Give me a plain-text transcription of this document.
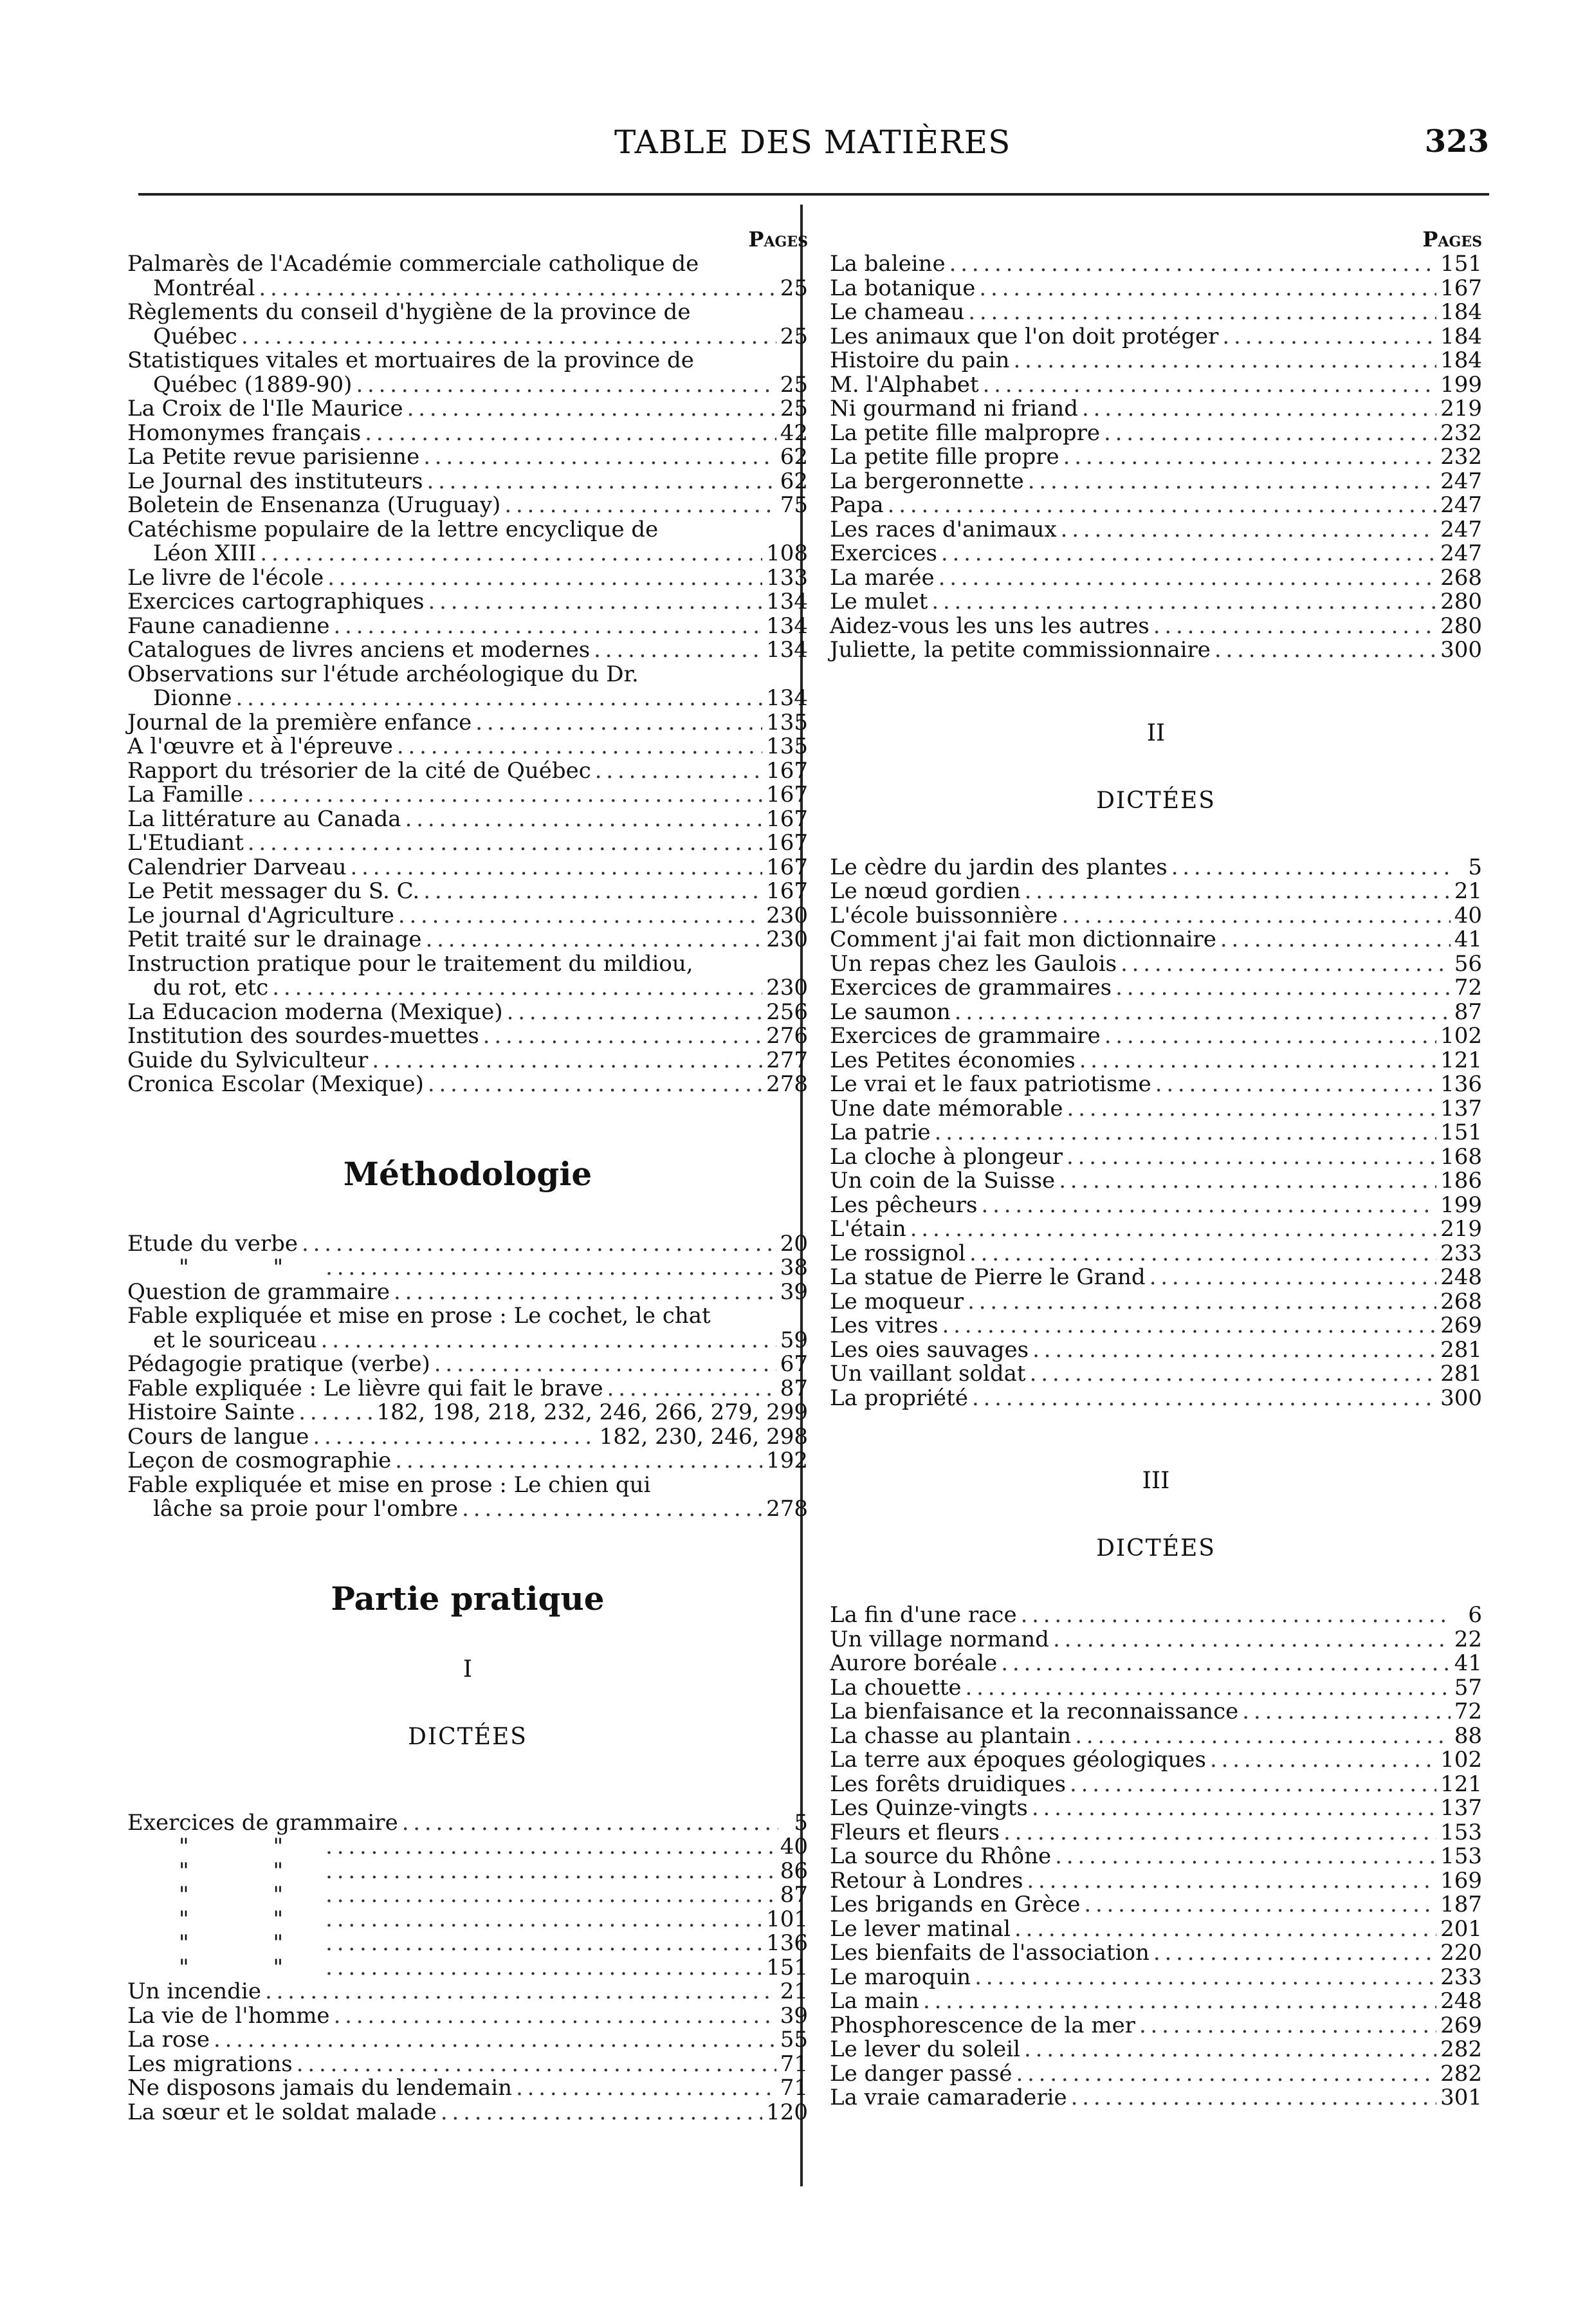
TABLE DES MATIÈRES	323
Pages
Palmarès de l'Académie commerciale catholique de
Montréal . . .	25
Règlements du conseil d'hygiène de la province de
Québec . . .	25
Statistiques vitales et mortuaires de la province de
Québec (1889-90) . . .	25
La Croix de l'Ile Maurice . . .	25
Homonymes français . . .	42
La Petite revue parisienne . . .	62
Le Journal des instituteurs . . .	62
Boletein de Ensenanza (Uruguay) . . .	75
Catéchisme populaire de la lettre encyclique de
Léon XIII . . .	108
Le livre de l'école . . .	133
Exercices cartographiques . . .	134
Faune canadienne . . .	134
Catalogues de livres anciens et modernes . . .	134
Observations sur l'étude archéologique du Dr.
Dionne . . .	134
Journal de la première enfance . . .	135
A l'œuvre et à l'épreuve . . .	135
Rapport du trésorier de la cité de Québec . . .	167
La Famille . . .	167
La littérature au Canada . . .	167
L'Etudiant . . .	167
Calendrier Darveau . . .	167
Le Petit messager du S. C. . . .	167
Le journal d'Agriculture . . .	230
Petit traité sur le drainage . . .	230
Instruction pratique pour le traitement du mildiou,
du rot, etc . . .	230
La Educacion moderna (Mexique) . . .	256
Institution des sourdes-muettes . . .	276
Guide du Sylviculteur . . .	277
Cronica Escolar (Mexique) . . .	278
Méthodologie
Etude du verbe . . .	20
" " . . .	38
Question de grammaire . . .	39
Fable expliquée et mise en prose : Le cochet, le chat
et le souriceau . . .	59
Pédagogie pratique (verbe) . . .	67
Fable expliquée : Le lièvre qui fait le brave . . .	87
Histoire Sainte . . .	182, 198, 218, 232, 246, 266, 279, 299
Cours de langue . . .	182, 230, 246, 298
Leçon de cosmographie . . .	192
Fable expliquée et mise en prose : Le chien qui
lâche sa proie pour l'ombre . . .	278
Partie pratique
I
DICTÉES
Exercices de grammaire . . .	5
" " . . .	40
" " . . .	86
" " . . .	87
" " . . .	101
" " . . .	136
" " . . .	151
Un incendie . . .	21
La vie de l'homme . . .	39
La rose . . .	55
Les migrations . . .	71
Ne disposons jamais du lendemain . . .	71
La sœur et le soldat malade . . .	120
Pages
La baleine . . .	151
La botanique . . .	167
Le chameau . . .	184
Les animaux que l'on doit protéger . . .	184
Histoire du pain . . .	184
M. l'Alphabet . . .	199
Ni gourmand ni friand . . .	219
La petite fille malpropre . . .	232
La petite fille propre . . .	232
La bergeronnette . . .	247
Papa . . .	247
Les races d'animaux . . .	247
Exercices . . .	247
La marée . . .	268
Le mulet . . .	280
Aidez-vous les uns les autres . . .	280
Juliette, la petite commissionnaire . . .	300
II
DICTÉES
Le cèdre du jardin des plantes . . .	5
Le nœud gordien . . .	21
L'école buissonnière . . .	40
Comment j'ai fait mon dictionnaire . . .	41
Un repas chez les Gaulois . . .	56
Exercices de grammaires . . .	72
Le saumon . . .	87
Exercices de grammaire . . .	102
Les Petites économies . . .	121
Le vrai et le faux patriotisme . . .	136
Une date mémorable . . .	137
La patrie . . .	151
La cloche à plongeur . . .	168
Un coin de la Suisse . . .	186
Les pêcheurs . . .	199
L'étain . . .	219
Le rossignol . . .	233
La statue de Pierre le Grand . . .	248
Le moqueur . . .	268
Les vitres . . .	269
Les oies sauvages . . .	281
Un vaillant soldat . . .	281
La propriété . . .	300
III
DICTÉES
La fin d'une race . . .	6
Un village normand . . .	22
Aurore boréale . . .	41
La chouette . . .	57
La bienfaisance et la reconnaissance . . .	72
La chasse au plantain . . .	88
La terre aux époques géologiques . . .	102
Les forêts druidiques . . .	121
Les Quinze-vingts . . .	137
Fleurs et fleurs . . .	153
La source du Rhône . . .	153
Retour à Londres . . .	169
Les brigands en Grèce . . .	187
Le lever matinal . . .	201
Les bienfaits de l'association . . .	220
Le maroquin . . .	233
La main . . .	248
Phosphorescence de la mer . . .	269
Le lever du soleil . . .	282
Le danger passé . . .	282
La vraie camaraderie . . .	301
